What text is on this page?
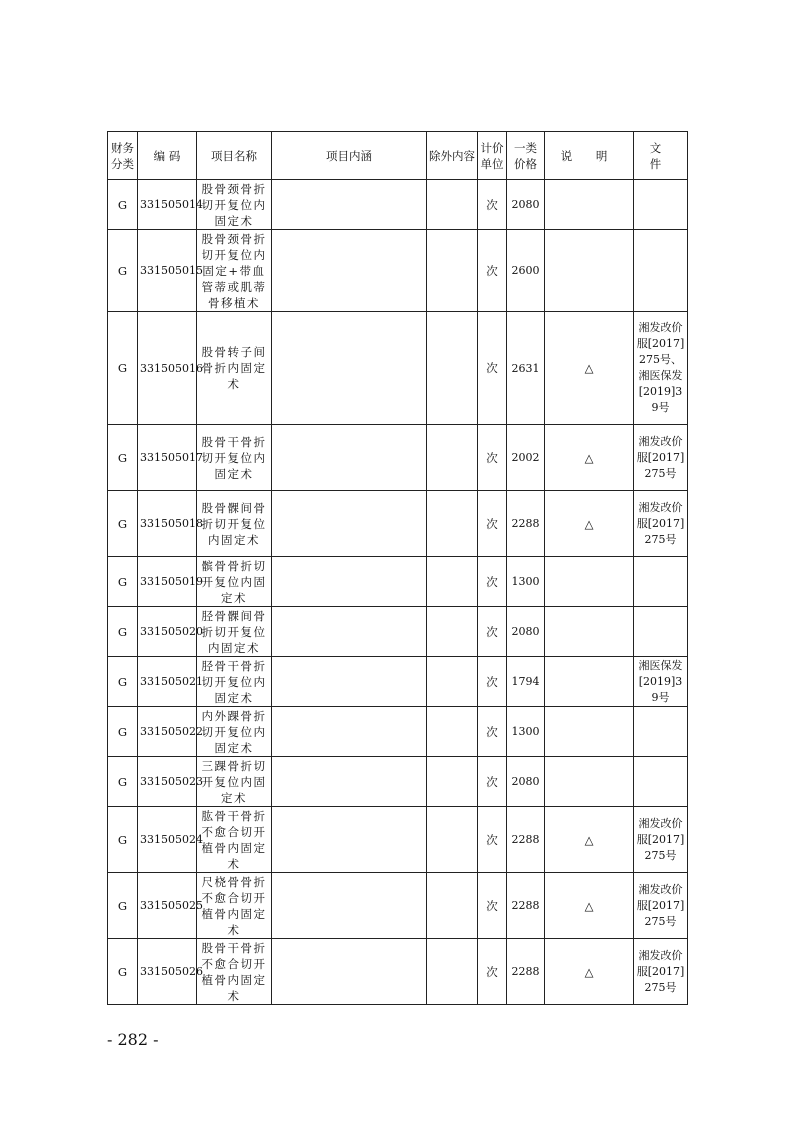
财务分类	编 码	项目名称	项目内涵	除外内容	计价单位	一类价格	说 明	文 件
G	331505014	股骨颈骨折切开复位内固定术			次	2080		
G	331505015	股骨颈骨折切开复位内固定+带血管蒂或肌蒂骨移植术			次	2600		
G	331505016	股骨转子间骨折内固定术			次	2631	△	湘发改价服[2017]275号、湘医保发[2019]39号
G	331505017	股骨干骨折切开复位内固定术			次	2002	△	湘发改价服[2017]275号
G	331505018	股骨髁间骨折切开复位内固定术			次	2288	△	湘发改价服[2017]275号
G	331505019	髌骨骨折切开复位内固定术			次	1300		
G	331505020	胫骨髁间骨折切开复位内固定术			次	2080		
G	331505021	胫骨干骨折切开复位内固定术			次	1794		湘医保发[2019]39号
G	331505022	内外踝骨折切开复位内固定术			次	1300		
G	331505023	三踝骨折切开复位内固定术			次	2080		
G	331505024	肱骨干骨折不愈合切开植骨内固定术			次	2288	△	湘发改价服[2017]275号
G	331505025	尺桡骨骨折不愈合切开植骨内固定术			次	2288	△	湘发改价服[2017]275号
G	331505026	股骨干骨折不愈合切开植骨内固定术			次	2288	△	湘发改价服[2017]275号
- 282 -
